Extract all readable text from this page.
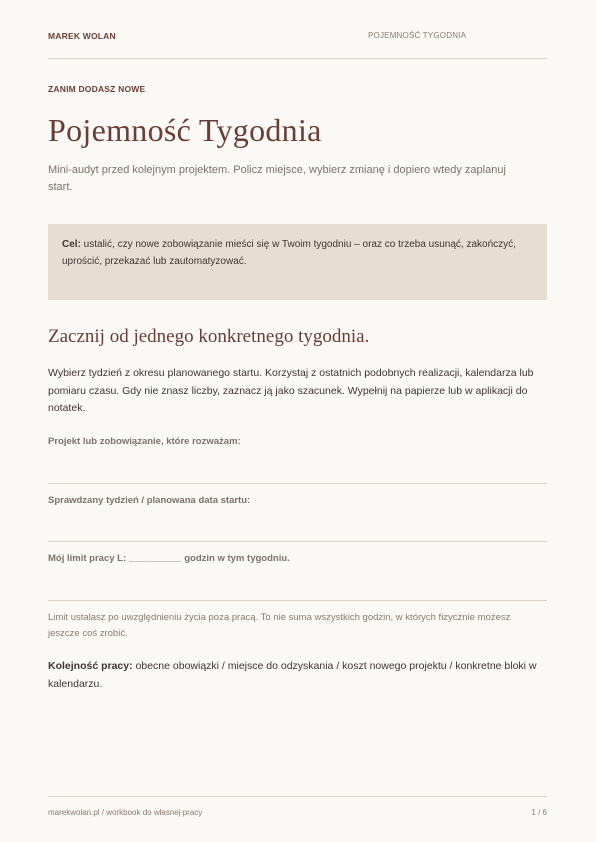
MAREK WOLAN	POJEMNOŚĆ TYGODNIA
ZANIM DODASZ NOWE
Pojemność Tygodnia

Mini-audyt przed kolejnym projektem. Policz miejsce, wybierz zmianę i dopiero wtedy zaplanuj start.

Cel: ustalić, czy nowe zobowiązanie mieści się w Twoim tygodniu – oraz co trzeba usunąć, zakończyć, uprościć, przekazać lub zautomatyzować.

Zacznij od jednego konkretnego tygodnia.

Wybierz tydzień z okresu planowanego startu. Korzystaj z ostatnich podobnych realizacji, kalendarza lub pomiaru czasu. Gdy nie znasz liczby, zaznacz ją jako szacunek. Wypełnij na papierze lub w aplikacji do notatek.

Projekt lub zobowiązanie, które rozważam:
Sprawdzany tydzień / planowana data startu:
Mój limit pracy L: __________ godzin w tym tygodniu.

Limit ustalasz po uwzględnieniu życia poza pracą. To nie suma wszystkich godzin, w których fizycznie możesz jeszcze coś zrobić.

Kolejność pracy: obecne obowiązki / miejsce do odzyskania / koszt nowego projektu / konkretne bloki w kalendarzu.

marekwolan.pl / workbook do własnej pracy	1 / 6
